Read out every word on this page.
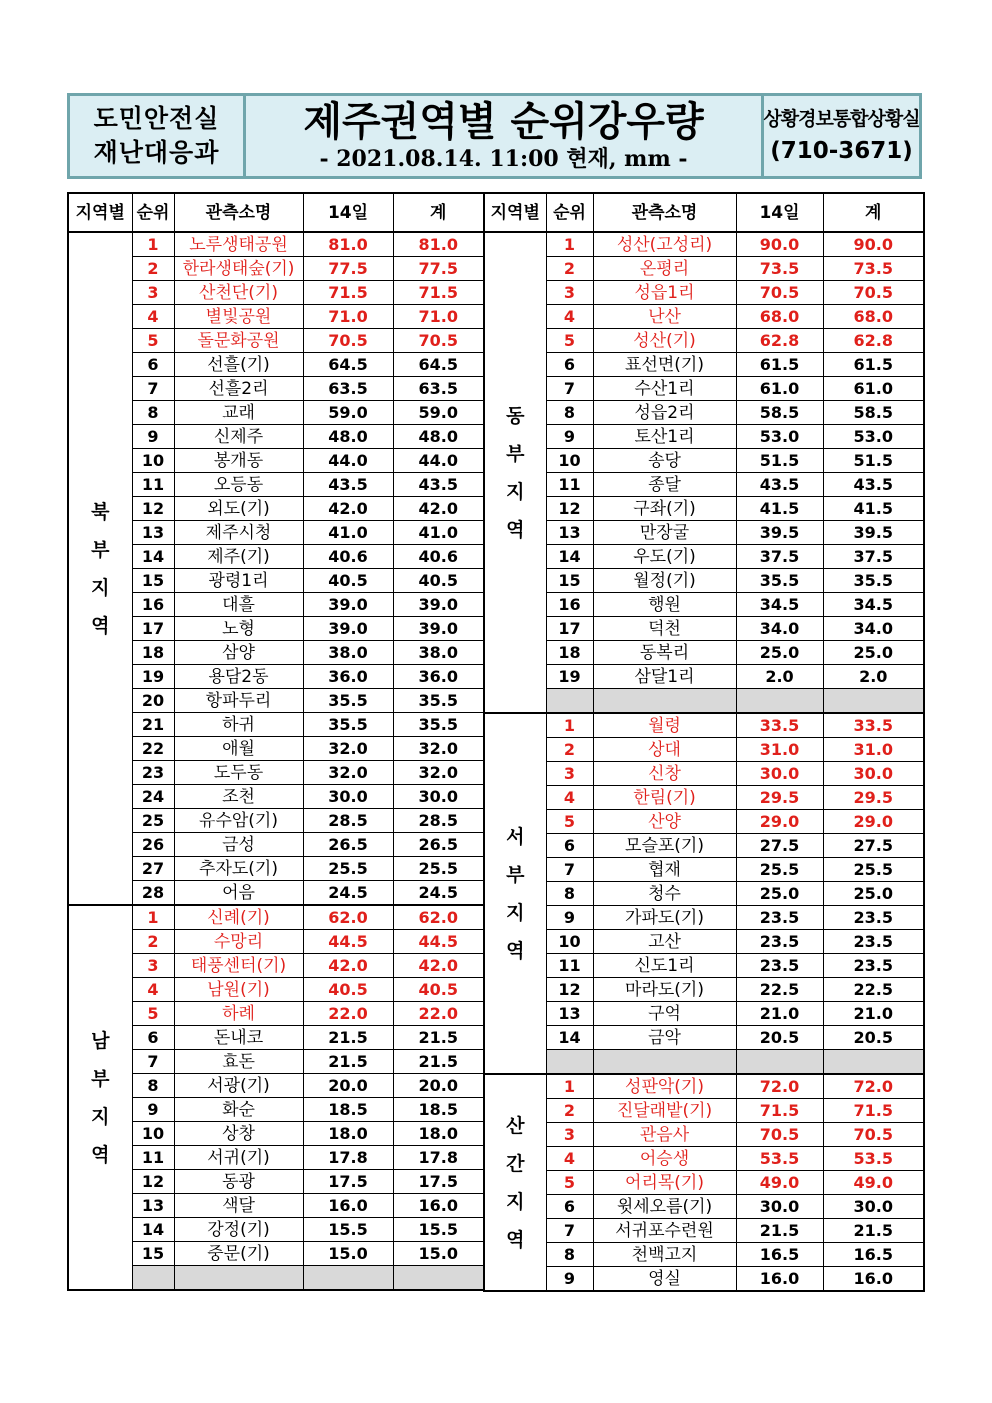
도민안전실
재난대응과
제주권역별 순위강우량
- 2021.08.14. 11:00 현재, mm -
상황경보통합상황실
(710-3671)
지역별	순위	관측소명	14일	계
북부지역	1	노루생태공원	81.0	81.0
	2	한라생태숲(기)	77.5	77.5
	3	산천단(기)	71.5	71.5
	4	별빛공원	71.0	71.0
	5	돌문화공원	70.5	70.5
	6	선흘(기)	64.5	64.5
	7	선흘2리	63.5	63.5
	8	교래	59.0	59.0
	9	신제주	48.0	48.0
	10	봉개동	44.0	44.0
	11	오등동	43.5	43.5
	12	외도(기)	42.0	42.0
	13	제주시청	41.0	41.0
	14	제주(기)	40.6	40.6
	15	광령1리	40.5	40.5
	16	대흘	39.0	39.0
	17	노형	39.0	39.0
	18	삼양	38.0	38.0
	19	용담2동	36.0	36.0
	20	항파두리	35.5	35.5
	21	하귀	35.5	35.5
	22	애월	32.0	32.0
	23	도두동	32.0	32.0
	24	조천	30.0	30.0
	25	유수암(기)	28.5	28.5
	26	금성	26.5	26.5
	27	추자도(기)	25.5	25.5
	28	어음	24.5	24.5
남부지역	1	신례(기)	62.0	62.0
	2	수망리	44.5	44.5
	3	태풍센터(기)	42.0	42.0
	4	남원(기)	40.5	40.5
	5	하례	22.0	22.0
	6	돈내코	21.5	21.5
	7	효돈	21.5	21.5
	8	서광(기)	20.0	20.0
	9	화순	18.5	18.5
	10	상창	18.0	18.0
	11	서귀(기)	17.8	17.8
	12	동광	17.5	17.5
	13	색달	16.0	16.0
	14	강정(기)	15.5	15.5
	15	중문(기)	15.0	15.0

지역별	순위	관측소명	14일	계
동부지역	1	성산(고성리)	90.0	90.0
	2	온평리	73.5	73.5
	3	성읍1리	70.5	70.5
	4	난산	68.0	68.0
	5	성산(기)	62.8	62.8
	6	표선면(기)	61.5	61.5
	7	수산1리	61.0	61.0
	8	성읍2리	58.5	58.5
	9	토산1리	53.0	53.0
	10	송당	51.5	51.5
	11	종달	43.5	43.5
	12	구좌(기)	41.5	41.5
	13	만장굴	39.5	39.5
	14	우도(기)	37.5	37.5
	15	월정(기)	35.5	35.5
	16	행원	34.5	34.5
	17	덕천	34.0	34.0
	18	동복리	25.0	25.0
	19	삼달1리	2.0	2.0

서부지역	1	월령	33.5	33.5
	2	상대	31.0	31.0
	3	신창	30.0	30.0
	4	한림(기)	29.5	29.5
	5	산양	29.0	29.0
	6	모슬포(기)	27.5	27.5
	7	협재	25.5	25.5
	8	청수	25.0	25.0
	9	가파도(기)	23.5	23.5
	10	고산	23.5	23.5
	11	신도1리	23.5	23.5
	12	마라도(기)	22.5	22.5
	13	구억	21.0	21.0
	14	금악	20.5	20.5

산간지역	1	성판악(기)	72.0	72.0
	2	진달래밭(기)	71.5	71.5
	3	관음사	70.5	70.5
	4	어승생	53.5	53.5
	5	어리목(기)	49.0	49.0
	6	윗세오름(기)	30.0	30.0
	7	서귀포수련원	21.5	21.5
	8	천백고지	16.5	16.5
	9	영실	16.0	16.0
